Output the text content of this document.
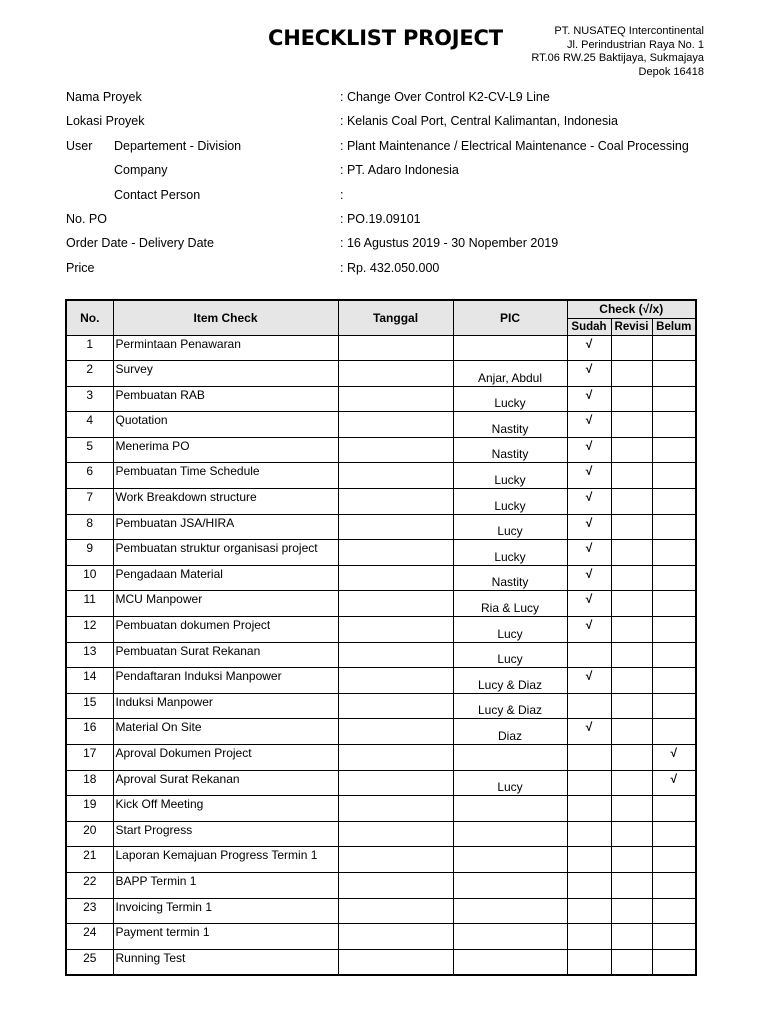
CHECKLIST PROJECT	PT. NUSATEQ Intercontinental
Jl. Perindustrian Raya No. 1
RT.06 RW.25 Baktijaya, Sukmajaya
Depok 16418
Nama Proyek	: Change Over Control K2-CV-L9 Line
Lokasi Proyek	: Kelanis Coal Port, Central Kalimantan, Indonesia
User Departement - Division	: Plant Maintenance / Electrical Maintenance - Coal Processing
Company	: PT. Adaro Indonesia
Contact Person	:
No. PO	: PO.19.09101
Order Date - Delivery Date	: 16 Agustus 2019 - 30 Nopember 2019
Price	: Rp. 432.050.000
No.	Item Check	Tanggal	PIC	Check (√/x)		
				Sudah	Revisi	Belum
1	Permintaan Penawaran			√		
2	Survey		Anjar, Abdul	√		
3	Pembuatan RAB		Lucky	√		
4	Quotation		Nastity	√		
5	Menerima PO		Nastity	√		
6	Pembuatan Time Schedule		Lucky	√		
7	Work Breakdown structure		Lucky	√		
8	Pembuatan JSA/HIRA		Lucy	√		
9	Pembuatan struktur organisasi project		Lucky	√		
10	Pengadaan Material		Nastity	√		
11	MCU Manpower		Ria & Lucy	√		
12	Pembuatan dokumen Project		Lucy	√		
13	Pembuatan Surat Rekanan		Lucy			
14	Pendaftaran Induksi Manpower		Lucy & Diaz	√		
15	Induksi Manpower		Lucy & Diaz			
16	Material On Site		Diaz	√		
17	Aproval Dokumen Project					√
18	Aproval Surat Rekanan		Lucy			√
19	Kick Off Meeting					
20	Start Progress					
21	Laporan Kemajuan Progress Termin 1					
22	BAPP Termin 1					
23	Invoicing Termin 1					
24	Payment termin 1					
25	Running Test					
